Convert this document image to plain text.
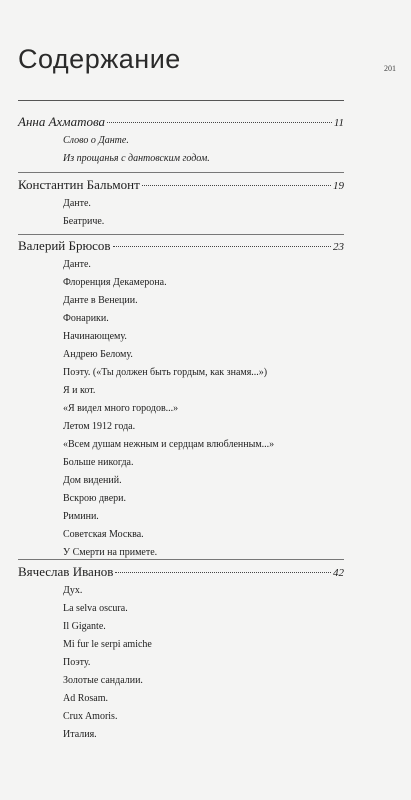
Содержание	201
Анна Ахматова	11
Слово о Данте.
Из прощанья с дантовским годом.
Константин Бальмонт	19
Данте.
Беатриче.
Валерий Брюсов	23
Данте.
Флоренция Декамерона.
Данте в Венеции.
Фонарики.
Начинающему.
Андрею Белому.
Поэту. («Ты должен быть гордым, как знамя...»)
Я и кот.
«Я видел много городов...»
Летом 1912 года.
«Всем душам нежным и сердцам влюбленным...»
Больше никогда.
Дом видений.
Вскрою двери.
Римини.
Советская Москва.
У Смерти на примете.
Вячеслав Иванов	42
Дух.
La selva oscura.
Il Gigante.
Mi fur le serpi amiche
Поэту.
Золотые сандалии.
Ad Rosam.
Crux Amoris.
Италия.
